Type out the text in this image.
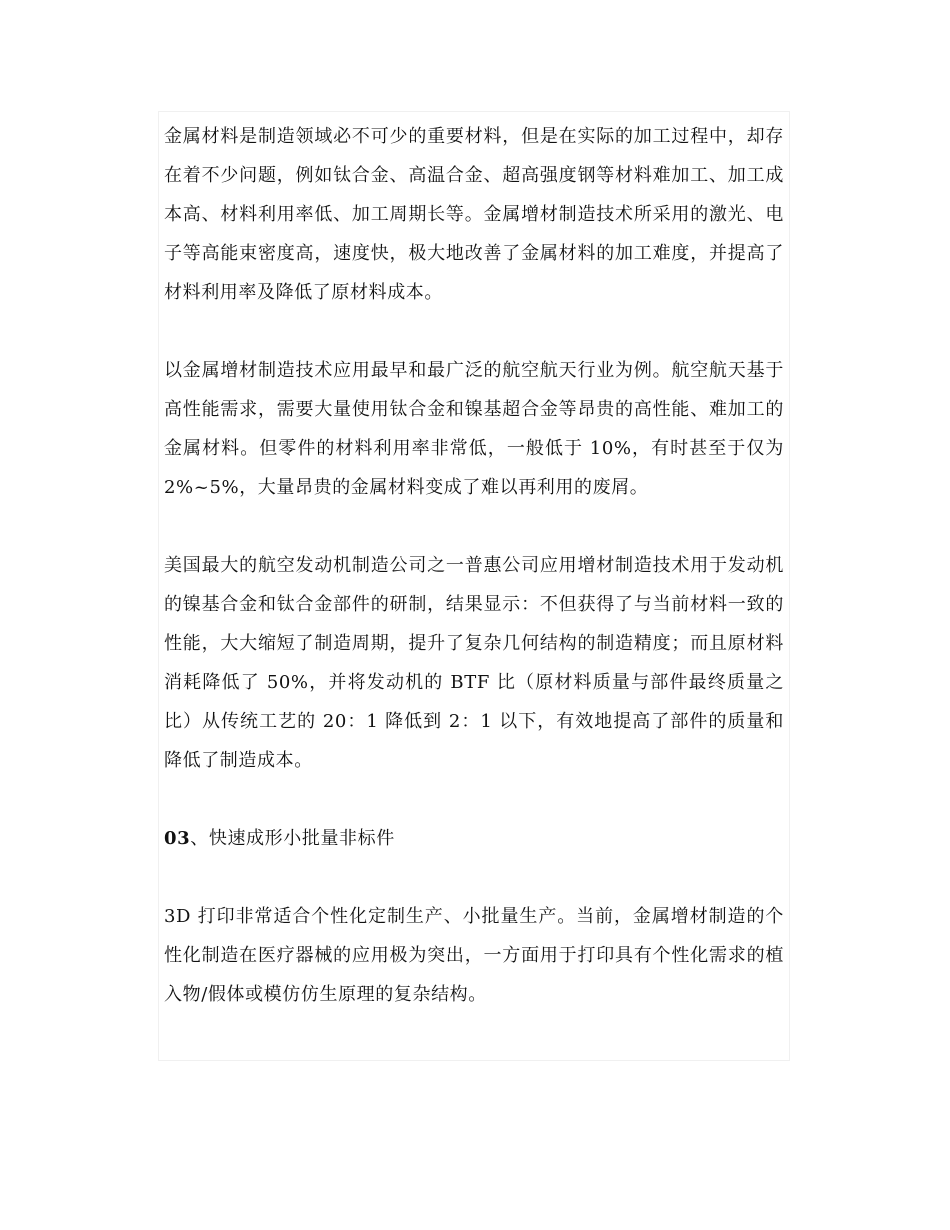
金属材料是制造领域必不可少的重要材料，但是在实际的加工过程中，却存在着不少问题，例如钛合金、高温合金、超高强度钢等材料难加工、加工成本高、材料利用率低、加工周期长等。金属增材制造技术所采用的激光、电子等高能束密度高，速度快，极大地改善了金属材料的加工难度，并提高了材料利用率及降低了原材料成本。

以金属增材制造技术应用最早和最广泛的航空航天行业为例。航空航天基于高性能需求，需要大量使用钛合金和镍基超合金等昂贵的高性能、难加工的金属材料。但零件的材料利用率非常低，一般低于 10%，有时甚至于仅为 2%~5%，大量昂贵的金属材料变成了难以再利用的废屑。

美国最大的航空发动机制造公司之一普惠公司应用增材制造技术用于发动机的镍基合金和钛合金部件的研制，结果显示：不但获得了与当前材料一致的性能，大大缩短了制造周期，提升了复杂几何结构的制造精度；而且原材料消耗降低了 50%，并将发动机的 BTF 比（原材料质量与部件最终质量之比）从传统工艺的 20：1 降低到 2：1 以下，有效地提高了部件的质量和降低了制造成本。

03、快速成形小批量非标件

3D 打印非常适合个性化定制生产、小批量生产。当前，金属增材制造的个性化制造在医疗器械的应用极为突出，一方面用于打印具有个性化需求的植入物/假体或模仿仿生原理的复杂结构。
